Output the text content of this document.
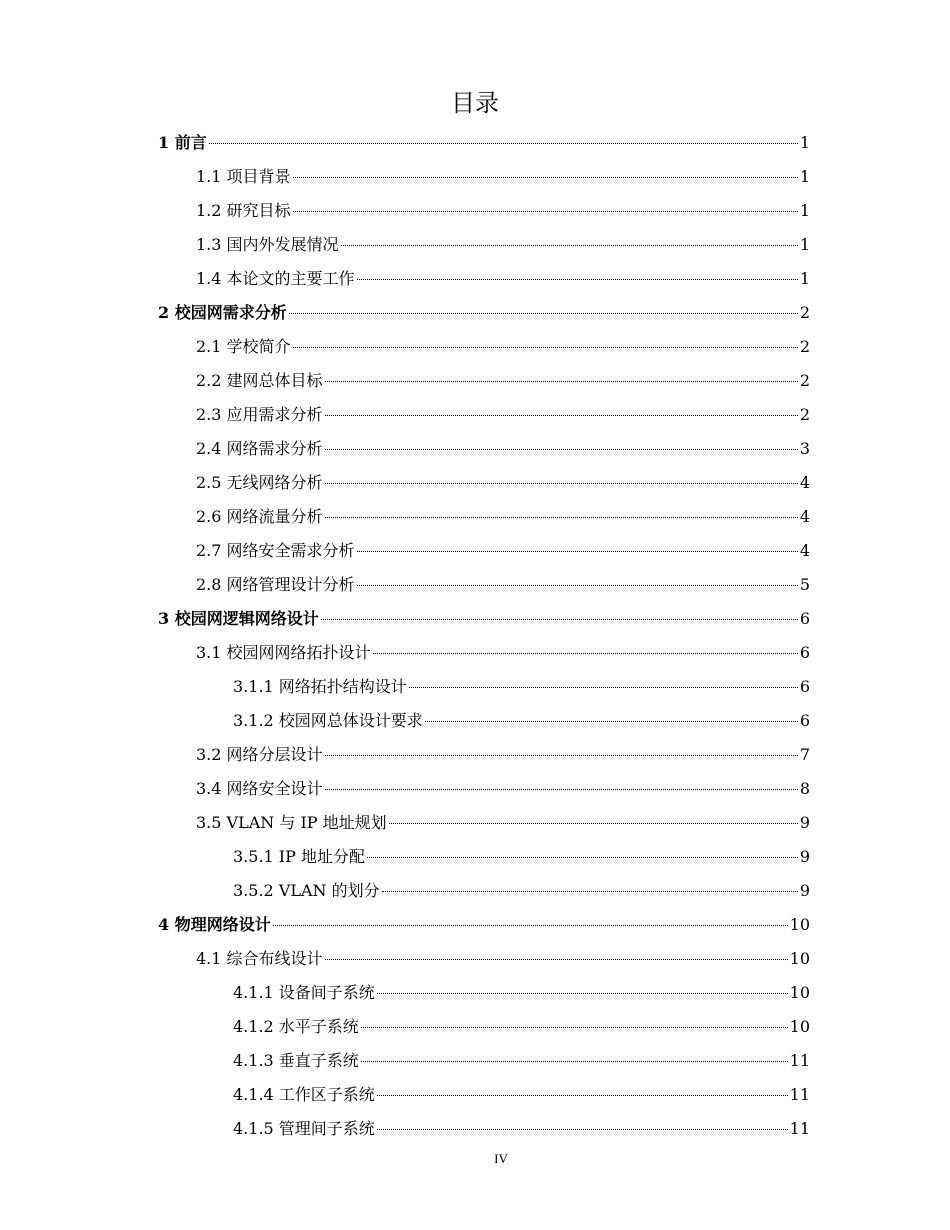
目录
1 前言	1
1.1 项目背景	1
1.2 研究目标	1
1.3 国内外发展情况	1
1.4 本论文的主要工作	1
2 校园网需求分析	2
2.1 学校简介	2
2.2 建网总体目标	2
2.3 应用需求分析	2
2.4 网络需求分析	3
2.5 无线网络分析	4
2.6 网络流量分析	4
2.7 网络安全需求分析	4
2.8 网络管理设计分析	5
3 校园网逻辑网络设计	6
3.1 校园网网络拓扑设计	6
3.1.1 网络拓扑结构设计	6
3.1.2 校园网总体设计要求	6
3.2 网络分层设计	7
3.4 网络安全设计	8
3.5 VLAN 与 IP 地址规划	9
3.5.1 IP 地址分配	9
3.5.2 VLAN 的划分	9
4 物理网络设计	10
4.1 综合布线设计	10
4.1.1 设备间子系统	10
4.1.2 水平子系统	10
4.1.3 垂直子系统	11
4.1.4 工作区子系统	11
4.1.5 管理间子系统	11
IV
